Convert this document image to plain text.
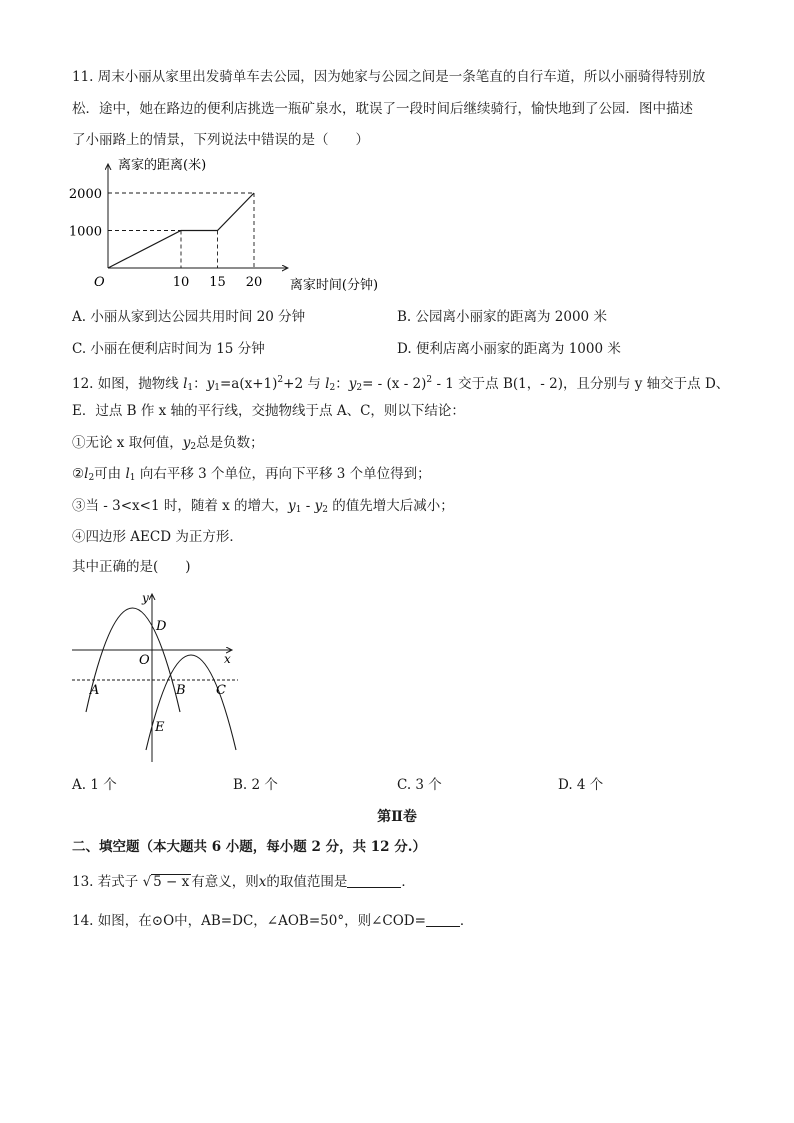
11. 周末小丽从家里出发骑单车去公园，因为她家与公园之间是一条笔直的自行车道，所以小丽骑得特别放
松．途中，她在路边的便利店挑选一瓶矿泉水，耽误了一段时间后继续骑行，愉快地到了公园．图中描述
了小丽路上的情景，下列说法中错误的是（　　）
离家的距离(米)
离家时间(分钟)
O	10 15 20
1000
2000
A. 小丽从家到达公园共用时间 20 分钟	B. 公园离小丽家的距离为 2000 米
C. 小丽在便利店时间为 15 分钟	D. 便利店离小丽家的距离为 1000 米
12. 如图，抛物线 $l_1$：$y_1=a(x+1)^2+2$ 与 $l_2$：$y_2= - (x - 2)^2 - 1$ 交于点 B(1，- 2)，且分别与 y 轴交于点 D、
E．过点 B 作 x 轴的平行线，交抛物线于点 A、C，则以下结论：
①无论 x 取何值，$y_2$总是负数；
$②l_2$可由 $l_1$ 向右平移 3 个单位，再向下平移 3 个单位得到；
③当 - 3<x<1 时，随着 x 的增大，$y_1 - y_2$ 的值先增大后减小；
④四边形 AECD 为正方形．
其中正确的是(　　)
y
x
O
D
A	B C
E
A. 1 个	B. 2 个	C. 3 个	D. 4 个
第Ⅱ卷
二、填空题（本大题共 6 小题，每小题 2 分，共 12 分.）
13. 若式子 √ 5 − x 有意义，则x的取值范围是	．
14. 如图，在⊙O中，AB=DC，∠AOB=50°，则∠COD=	．
